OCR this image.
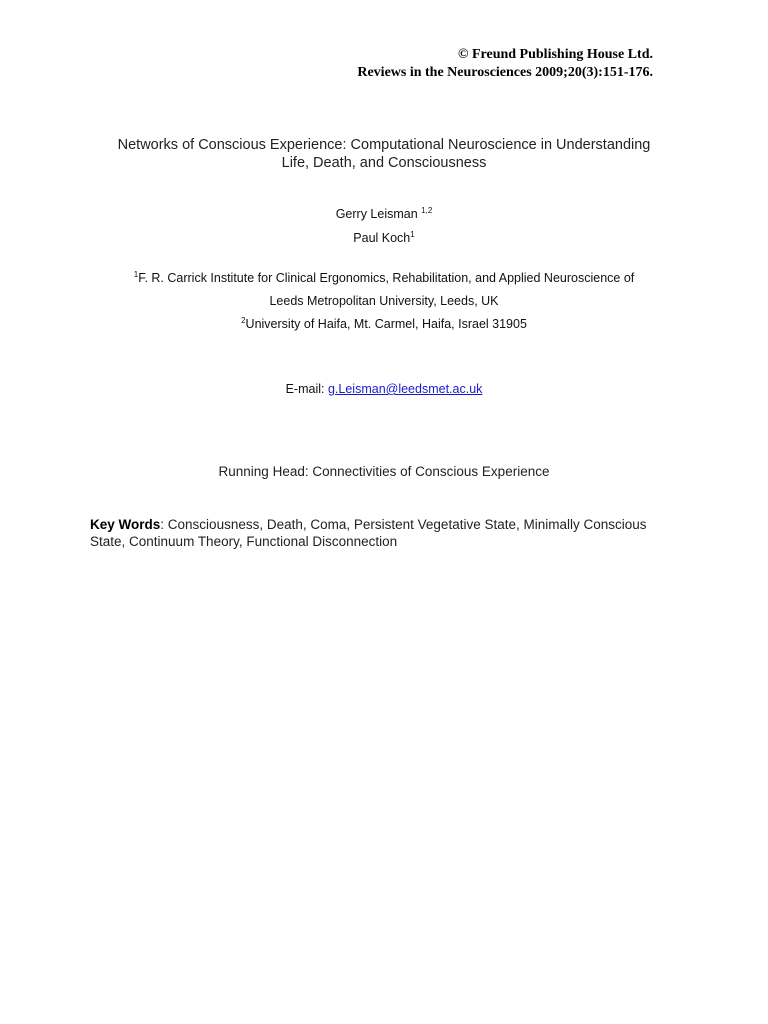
© Freund Publishing House Ltd.
Reviews in the Neurosciences 2009;20(3):151-176.
Networks of Conscious Experience: Computational Neuroscience in Understanding
Life, Death, and Consciousness
Gerry Leisman $^{1,2}$
Paul Koch$^1$
$^1$F. R. Carrick Institute for Clinical Ergonomics, Rehabilitation, and Applied Neuroscience of
Leeds Metropolitan University, Leeds, UK
$^2$University of Haifa, Mt. Carmel, Haifa, Israel 31905
E-mail: g.Leisman@leedsmet.ac.uk
Running Head: Connectivities of Conscious Experience
Key Words: Consciousness, Death, Coma, Persistent Vegetative State, Minimally Conscious State, Continuum Theory, Functional Disconnection
